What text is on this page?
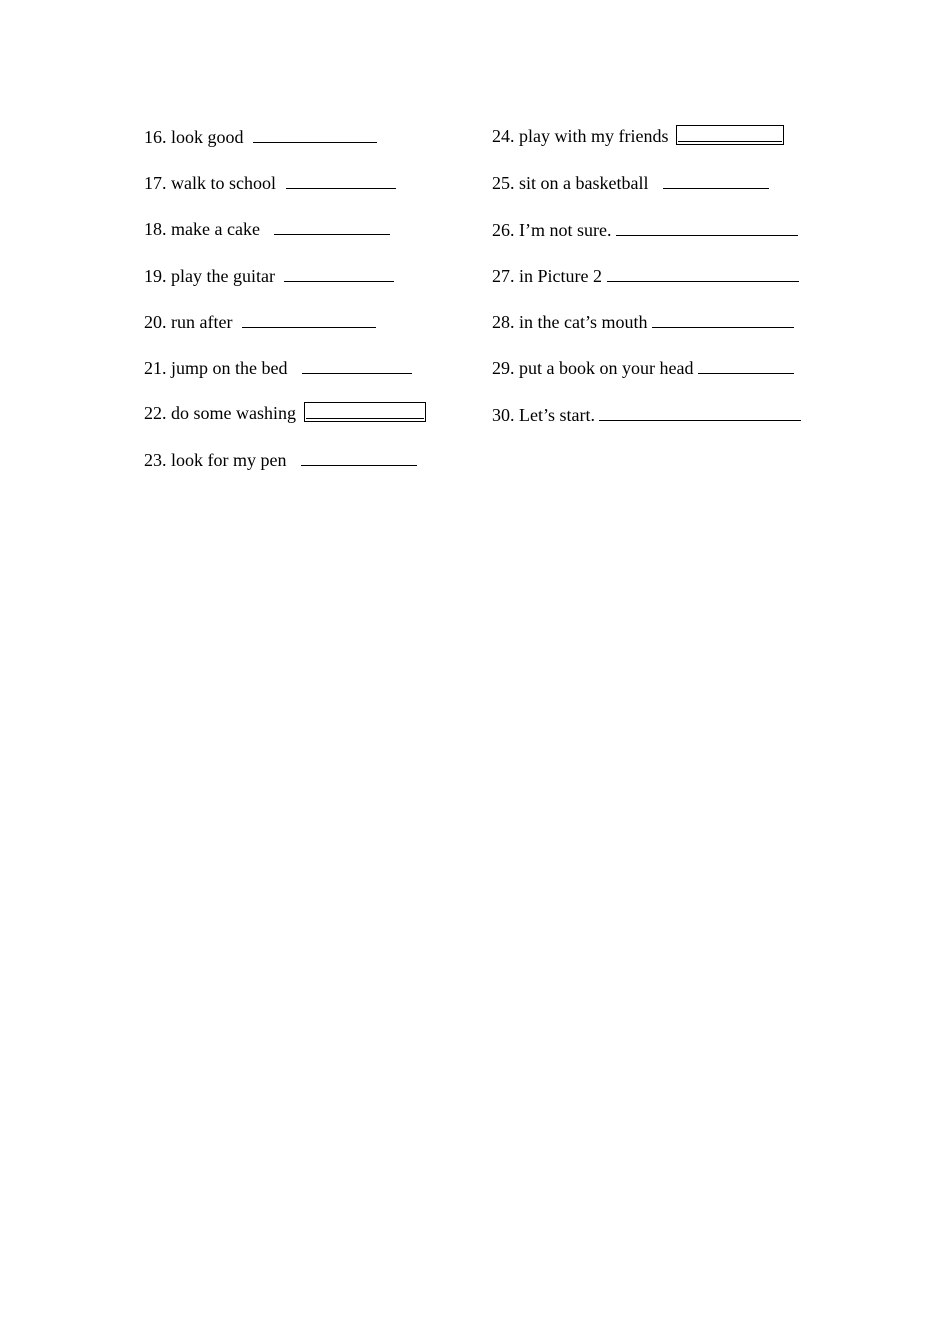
16. look good
17. walk to school
18. make a cake
19. play the guitar
20. run after
21. jump on the bed
22. do some washing
23. look for my pen
24. play with my friends
25. sit on a basketball
26. I’m not sure.
27. in Picture 2
28. in the cat’s mouth
29. put a book on your head
30. Let’s start.
